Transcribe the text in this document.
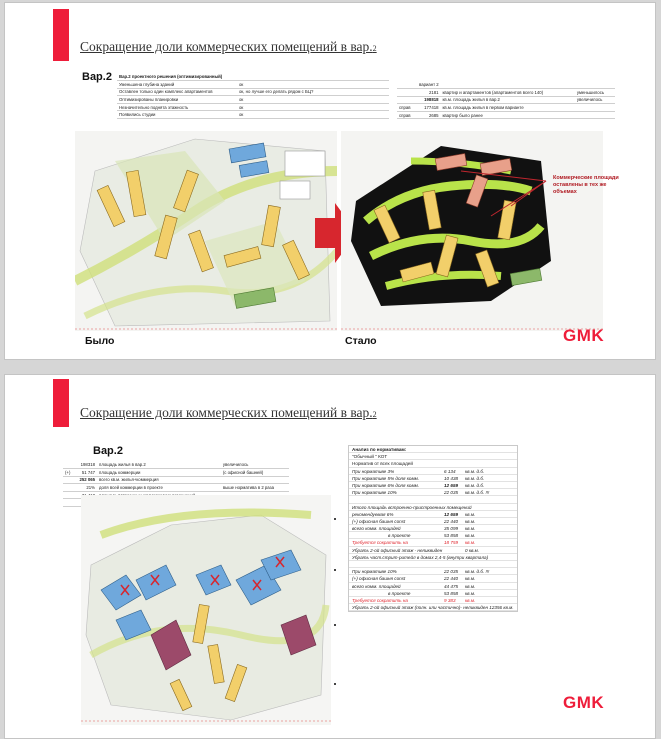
Сокращение доли коммерческих помещений в вар.2
Вар.2 Вар.2 проектного решения (оптимизированный)		
Уменьшена глубина зданий	ок	
Оставлен только один комплекс апартаментов	ок, но лучше его делать рядом с БЦ?	
Оптимизированы планировки	ок	
Незначительно поднята этажность	ок	
Появились студии	ок	
	вариант 2		
	2181	квартир и апартаментов (апартаментов всего 140)	уменьшилось
	198818	кв.м. площадь жилья в вар.2	увеличилось
справ	177418	кв.м. площадь жилья в первом варианте	
справ	2685	квартир было ранее	
Коммерческие площади оставлены в тех же объемах
Было	Стало	GMK
Сокращение доли коммерческих помещений в вар.2
Вар.2
	198318	площадь жилья в вар.2	увеличилось
(+)	51 747	площадь коммерции	(с офисной башней)
	252 065	всего кв.м. жилья+коммерция	
	21%	доля всей коммерции в проекте	выше норматива в 2 раза

Анализ по нормативам:
"Обычный " КОТ
Норматив от всех площадей
При нормативе 3%	6 134 кв.м. д.б.
При нормативе 5% доля комм.	10 438 кв.м. д.б.
При нормативе 6% доля комм.	12 659 кв.м. д.б.
При нормативе 10%	22 035 кв.м. д.б. !!!
Итого площадь встроенно-пристроенных помещений
рекомендуемая 6%	12 659 кв.м.
(+) офисная башня const	22 440 кв.м.
всего комм. площадей	35 099 кв.м.
в проекте	53 858 кв.м.
Требуется сократить на	18 759 кв.м.
Убрать 2-ой офисный этаж - неликвиден	0 кв.м.
Убрать част.стрит-ритейл в домах 2,4-5 (внутри квартала)
При нормативе 10%	22 035 кв.м. д.б. !!!
(+) офисная башня const	22 440 кв.м.
всего комм. площадей	44 475 кв.м.
в проекте	53 858 кв.м.
Требуется сократить на	9 383 кв.м.
Убрать 2-ой офисный этаж (полн. или частично)- неликвиден 12356 кв.м.
GMK
